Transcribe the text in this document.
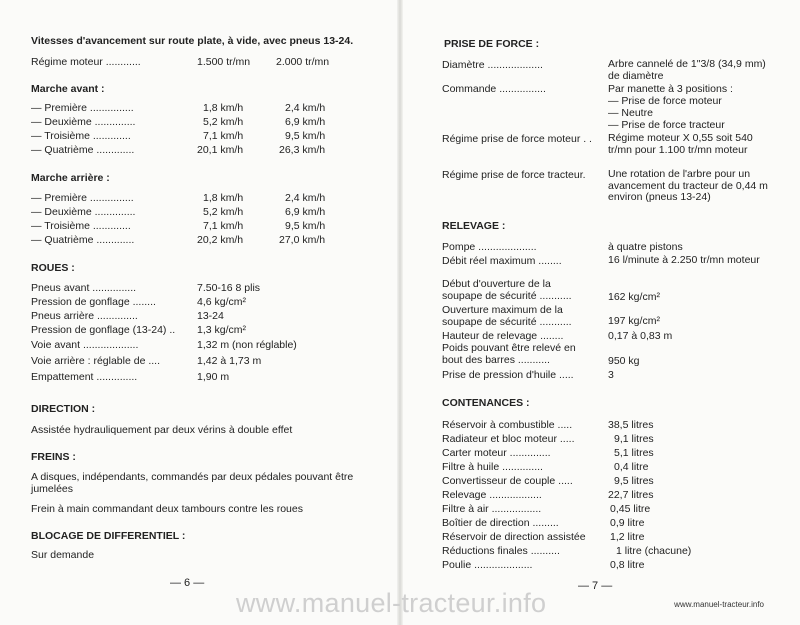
Vitesses d'avancement sur route plate, à vide, avec pneus 13-24.
Régime moteur ............	1.500 tr/mn 2.000 tr/mn
Marche avant :
— Première ...............	1,8 km/h	2,4 km/h
— Deuxième ..............	5,2 km/h	6,9 km/h
— Troisième .............	7,1 km/h	9,5 km/h
— Quatrième .............	20,1 km/h	26,3 km/h
Marche arrière :
— Première ...............	1,8 km/h	2,4 km/h
— Deuxième ..............	5,2 km/h	6,9 km/h
— Troisième .............	7,1 km/h	9,5 km/h
— Quatrième .............	20,2 km/h	27,0 km/h
ROUES :
Pneus avant ...............	7.50-16 8 plis
Pression de gonflage ........	4,6 kg/cm²
Pneus arrière ..............	13-24
Pression de gonflage (13-24) .. 1,3 kg/cm²
Voie avant ...................	1,32 m (non réglable)
Voie arrière : réglable de ....	1,42 à 1,73 m
Empattement ..............	1,90 m
DIRECTION :
Assistée hydrauliquement par deux vérins à double effet
FREINS :
A disques, indépendants, commandés par deux pédales pouvant être jumelées
Frein à main commandant deux tambours contre les roues
BLOCAGE DE DIFFERENTIEL :
Sur demande
— 6 —
PRISE DE FORCE :
Diamètre ...................	Arbre cannelé de 1"3/8 (34,9 mm) de diamètre
Commande ................	Par manette à 3 positions :
— Prise de force moteur
— Neutre
— Prise de force tracteur
Régime prise de force moteur . . Régime moteur X 0,55 soit 540 tr/mn pour 1.100 tr/mn moteur
Régime prise de force tracteur. Une rotation de l'arbre pour un avancement du tracteur de 0,44 m environ (pneus 13-24)
RELEVAGE :
Pompe ....................	à quatre pistons
Débit réel maximum ........	16 l/minute à 2.250 tr/mn moteur
Début d'ouverture de la soupape de sécurité ...........	162 kg/cm²
Ouverture maximum de la soupape de sécurité ...........	197 kg/cm²
Hauteur de relevage ........	0,17 à 0,83 m
Poids pouvant être relevé en bout des barres ...........	950 kg
Prise de pression d'huile .....	3
CONTENANCES :
Réservoir à combustible .....	38,5 litres
Radiateur et bloc moteur .....	9,1 litres
Carter moteur ..............	5,1 litres
Filtre à huile ..............	0,4 litre
Convertisseur de couple .....	9,5 litres
Relevage ..................	22,7 litres
Filtre à air .................	0,45 litre
Boîtier de direction .........	0,9 litre
Réservoir de direction assistée 1,2 litre
Réductions finales ..........	1 litre (chacune)
Poulie ....................	0,8 litre
— 7 —
www.manuel-tracteur.info	www.manuel-tracteur.info
